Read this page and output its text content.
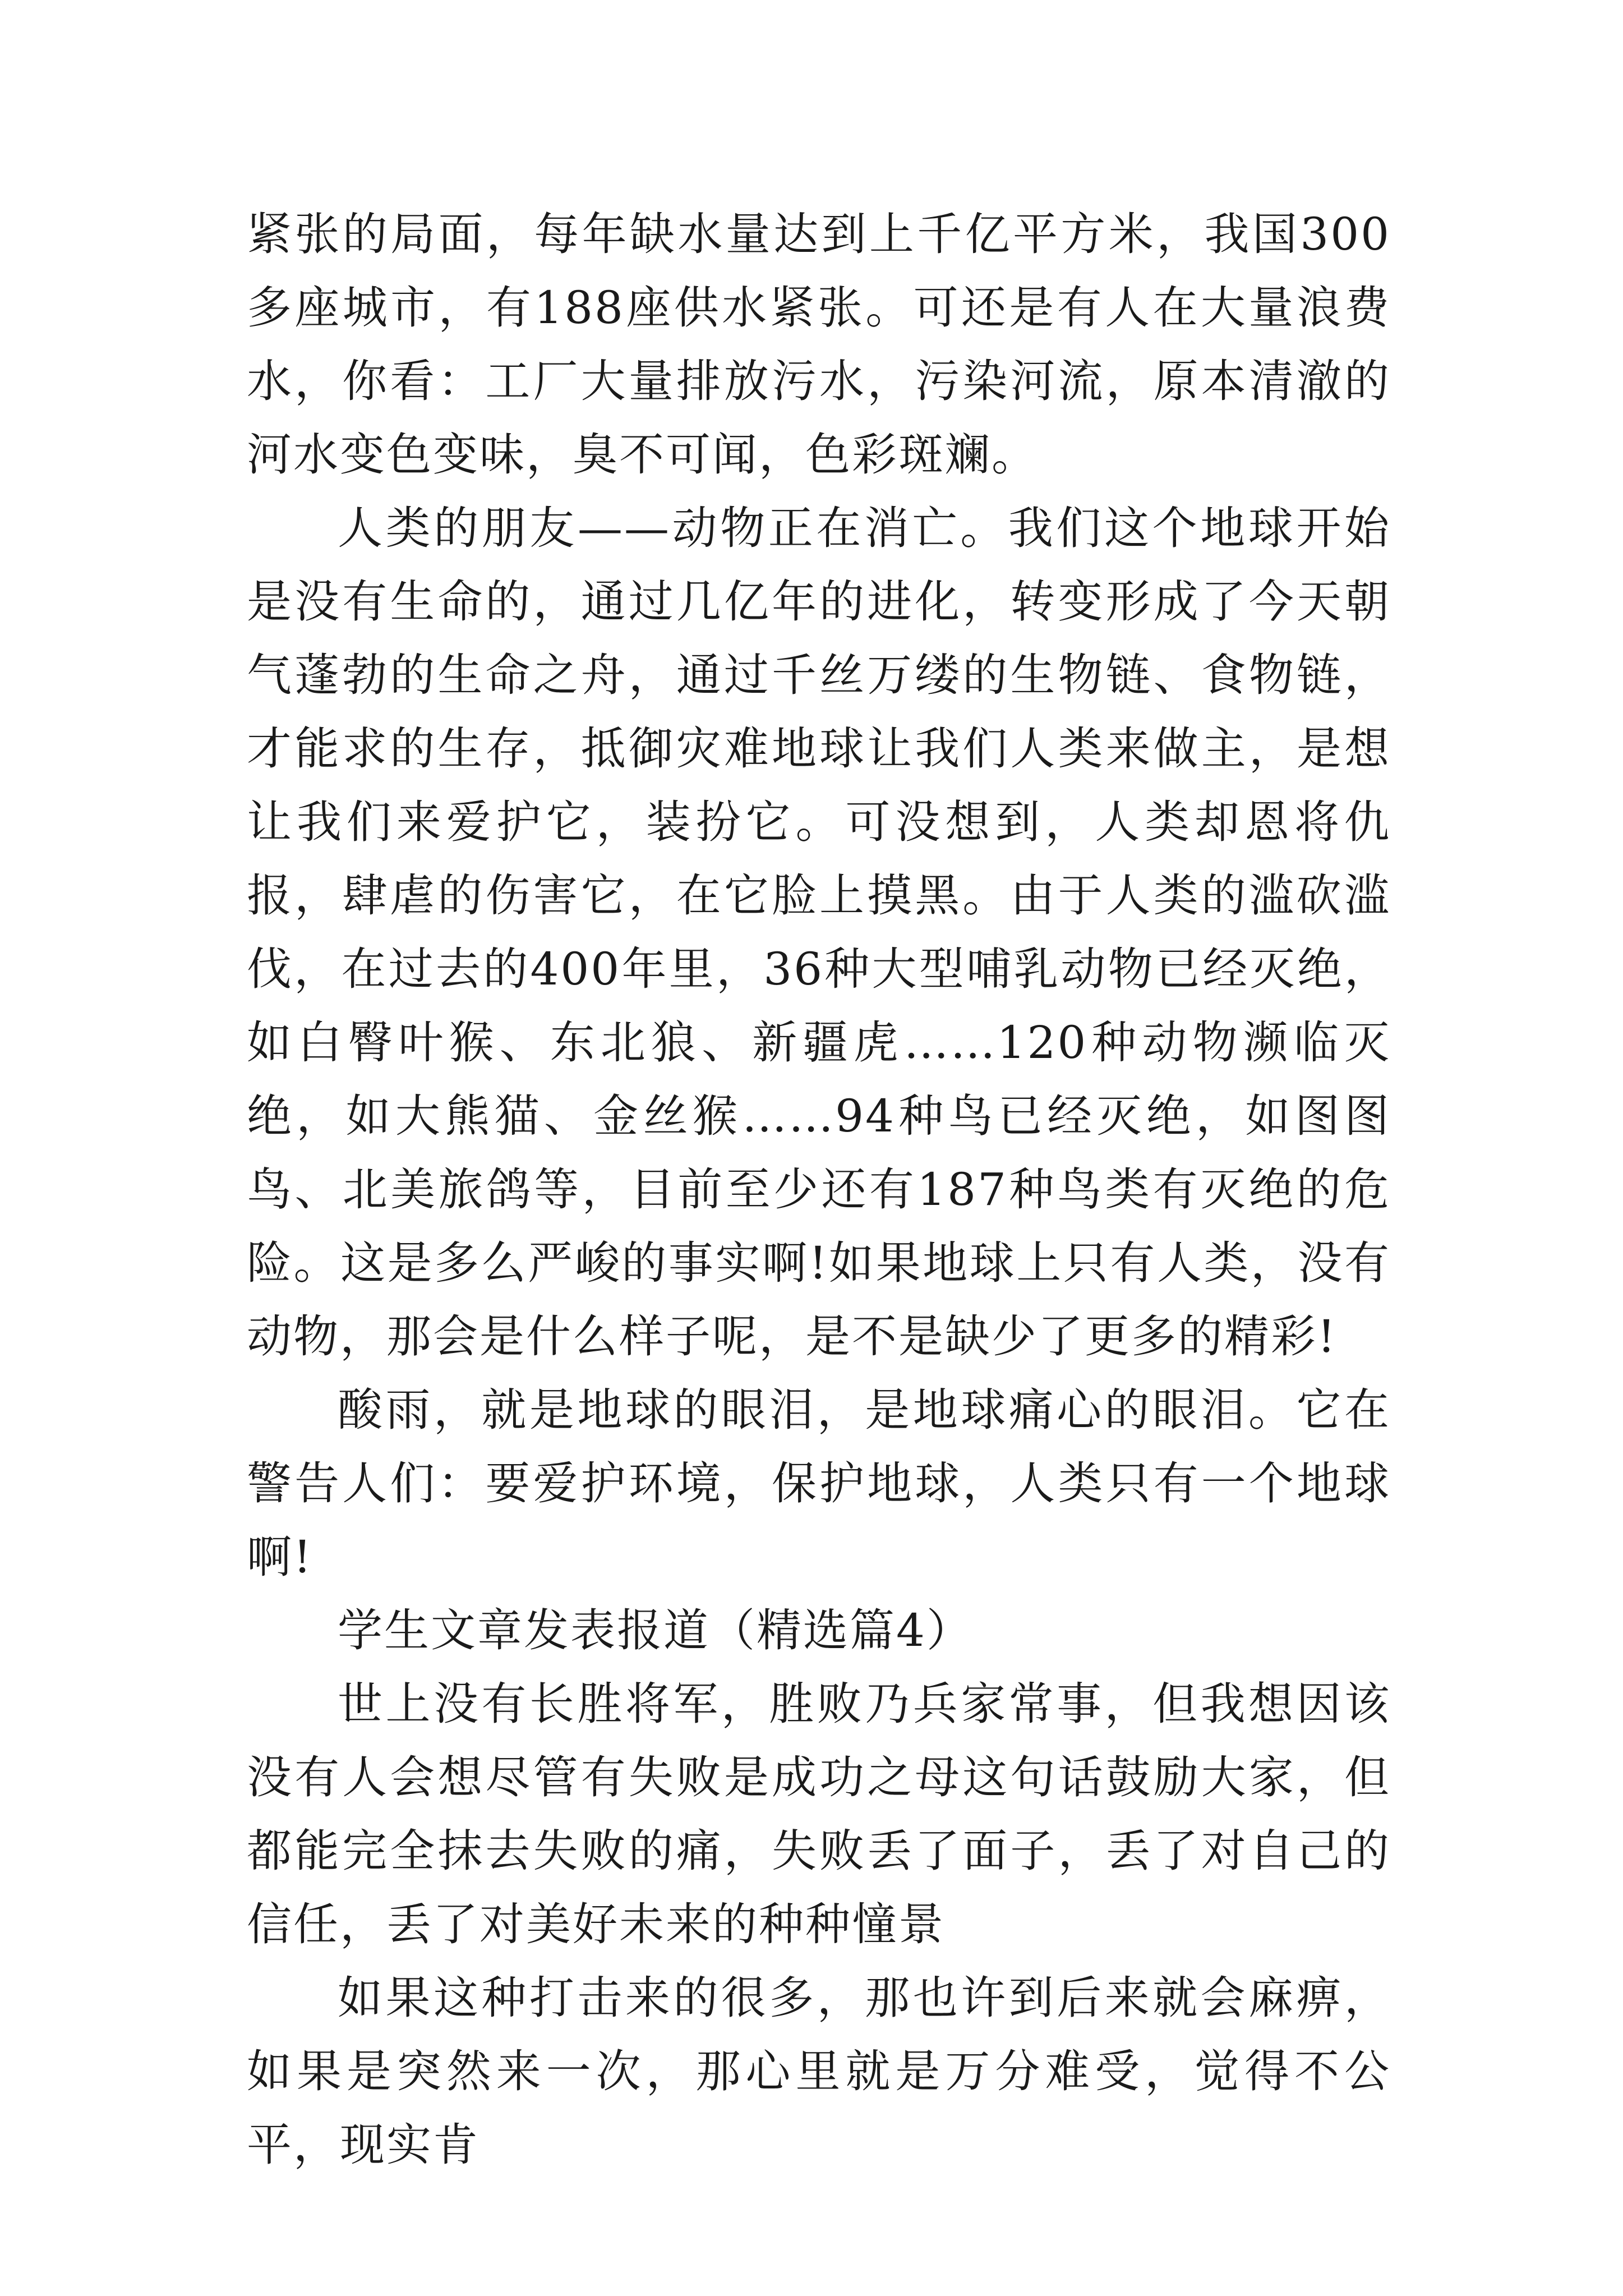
紧张的局面，每年缺水量达到上千亿平方米，我国300多座城市，有188座供水紧张。可还是有人在大量浪费水，你看：工厂大量排放污水，污染河流，原本清澈的河水变色变味，臭不可闻，色彩斑斓。

人类的朋友——动物正在消亡。我们这个地球开始是没有生命的，通过几亿年的进化，转变形成了今天朝气蓬勃的生命之舟，通过千丝万缕的生物链、食物链，才能求的生存，抵御灾难地球让我们人类来做主，是想让我们来爱护它，装扮它。可没想到，人类却恩将仇报，肆虐的伤害它，在它脸上摸黑。由于人类的滥砍滥伐，在过去的400年里，36种大型哺乳动物已经灭绝，如白臀叶猴、东北狼、新疆虎……120种动物濒临灭绝，如大熊猫、金丝猴……94种鸟已经灭绝，如图图鸟、北美旅鸽等，目前至少还有187种鸟类有灭绝的危险。这是多么严峻的事实啊!如果地球上只有人类，没有动物，那会是什么样子呢，是不是缺少了更多的精彩!

酸雨，就是地球的眼泪，是地球痛心的眼泪。它在警告人们：要爱护环境，保护地球，人类只有一个地球啊!

学生文章发表报道（精选篇4）

世上没有长胜将军，胜败乃兵家常事，但我想因该没有人会想尽管有失败是成功之母这句话鼓励大家，但都能完全抹去失败的痛，失败丢了面子，丢了对自己的信任，丢了对美好未来的种种憧景

如果这种打击来的很多，那也许到后来就会麻痹，如果是突然来一次，那心里就是万分难受，觉得不公平，现实肯
